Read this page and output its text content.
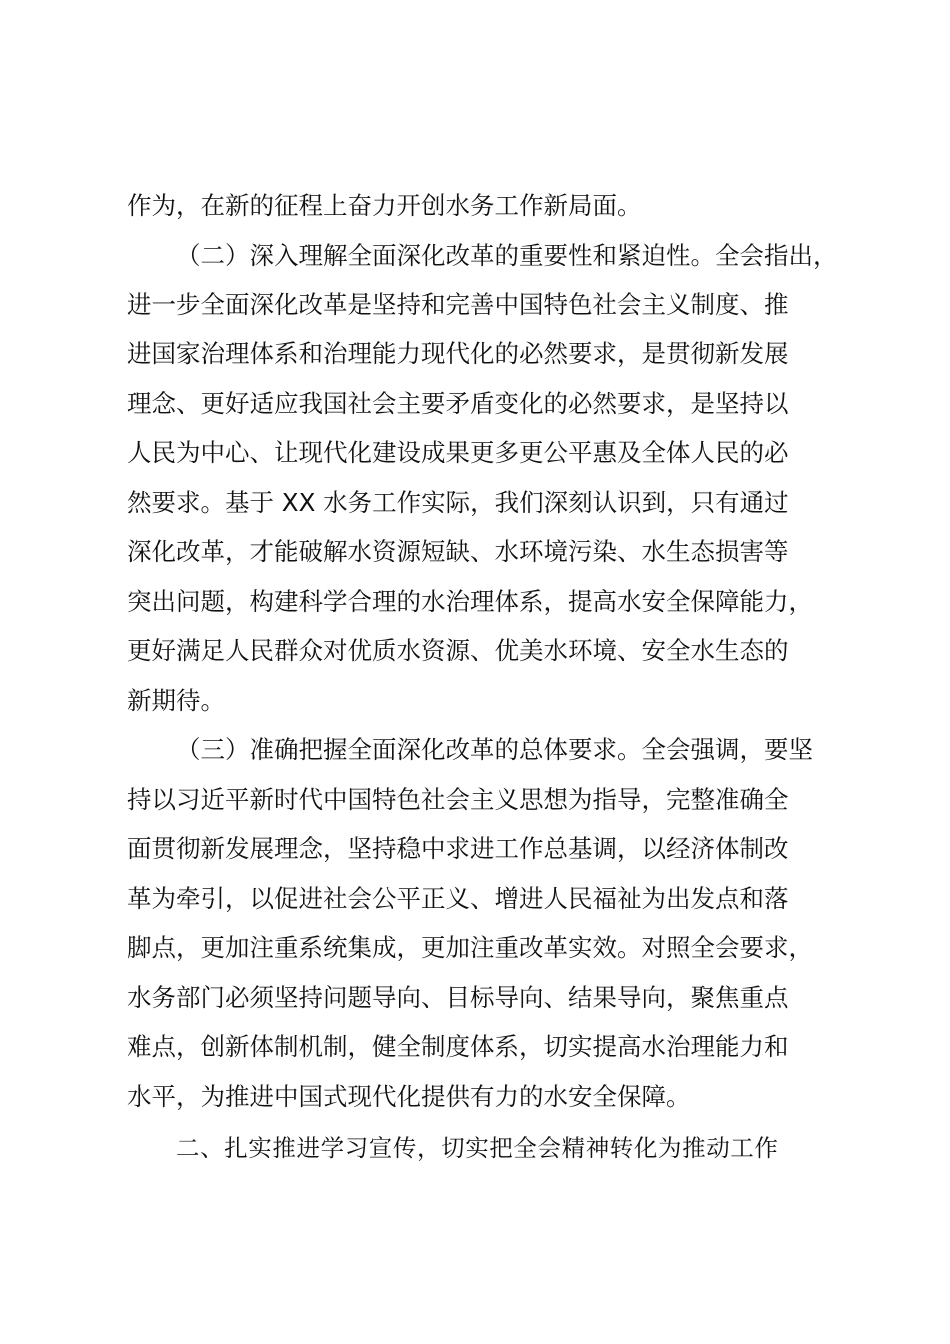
作为，在新的征程上奋力开创水务工作新局面。
（二）深入理解全面深化改革的重要性和紧迫性。全会指出，
进一步全面深化改革是坚持和完善中国特色社会主义制度、推
进国家治理体系和治理能力现代化的必然要求，是贯彻新发展
理念、更好适应我国社会主要矛盾变化的必然要求，是坚持以
人民为中心、让现代化建设成果更多更公平惠及全体人民的必
然要求。基于 XX 水务工作实际，我们深刻认识到，只有通过
深化改革，才能破解水资源短缺、水环境污染、水生态损害等
突出问题，构建科学合理的水治理体系，提高水安全保障能力，
更好满足人民群众对优质水资源、优美水环境、安全水生态的
新期待。
（三）准确把握全面深化改革的总体要求。全会强调，要坚
持以习近平新时代中国特色社会主义思想为指导，完整准确全
面贯彻新发展理念，坚持稳中求进工作总基调，以经济体制改
革为牵引，以促进社会公平正义、增进人民福祉为出发点和落
脚点，更加注重系统集成，更加注重改革实效。对照全会要求，
水务部门必须坚持问题导向、目标导向、结果导向，聚焦重点
难点，创新体制机制，健全制度体系，切实提高水治理能力和
水平，为推进中国式现代化提供有力的水安全保障。
二、扎实推进学习宣传，切实把全会精神转化为推动工作
